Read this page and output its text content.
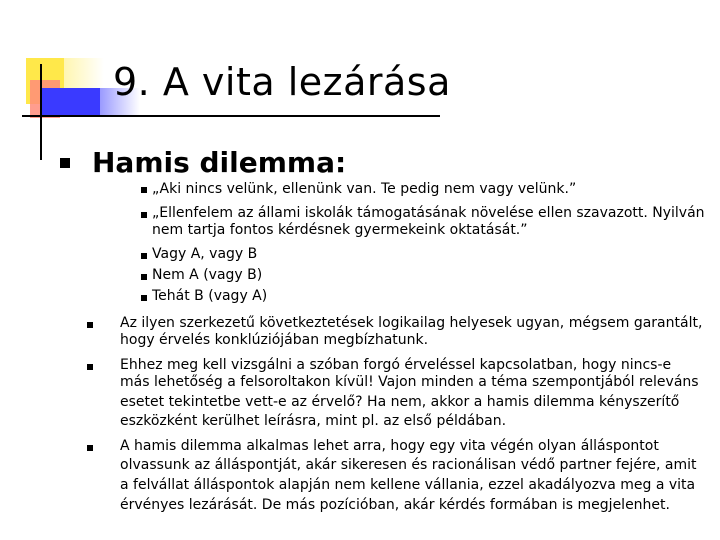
9. A vita lezárása
Hamis dilemma:
„Aki nincs velünk, ellenünk van. Te pedig nem vagy velünk.”
„Ellenfelem az állami iskolák támogatásának növelése ellen szavazott. Nyilván
nem tartja fontos kérdésnek gyermekeink oktatását.”
Vagy A, vagy B
Nem A (vagy B)
Tehát B (vagy A)
Az ilyen szerkezetű következtetések logikailag helyesek ugyan, mégsem garantált,
hogy érvelés konklúziójában megbízhatunk.
Ehhez meg kell vizsgálni a szóban forgó érveléssel kapcsolatban, hogy nincs-e
más lehetőség a felsoroltakon kívül! Vajon minden a téma szempontjából releváns
esetet tekintetbe vett-e az érvelő? Ha nem, akkor a hamis dilemma kényszerítő
eszközként kerülhet leírásra, mint pl. az első példában.
A hamis dilemma alkalmas lehet arra, hogy egy vita végén olyan álláspontot
olvassunk az álláspontját, akár sikeresen és racionálisan védő partner fejére, amit
a felvállat álláspontok alapján nem kellene vállania, ezzel akadályozva meg a vita
érvényes lezárását. De más pozícióban, akár kérdés formában is megjelenhet.
